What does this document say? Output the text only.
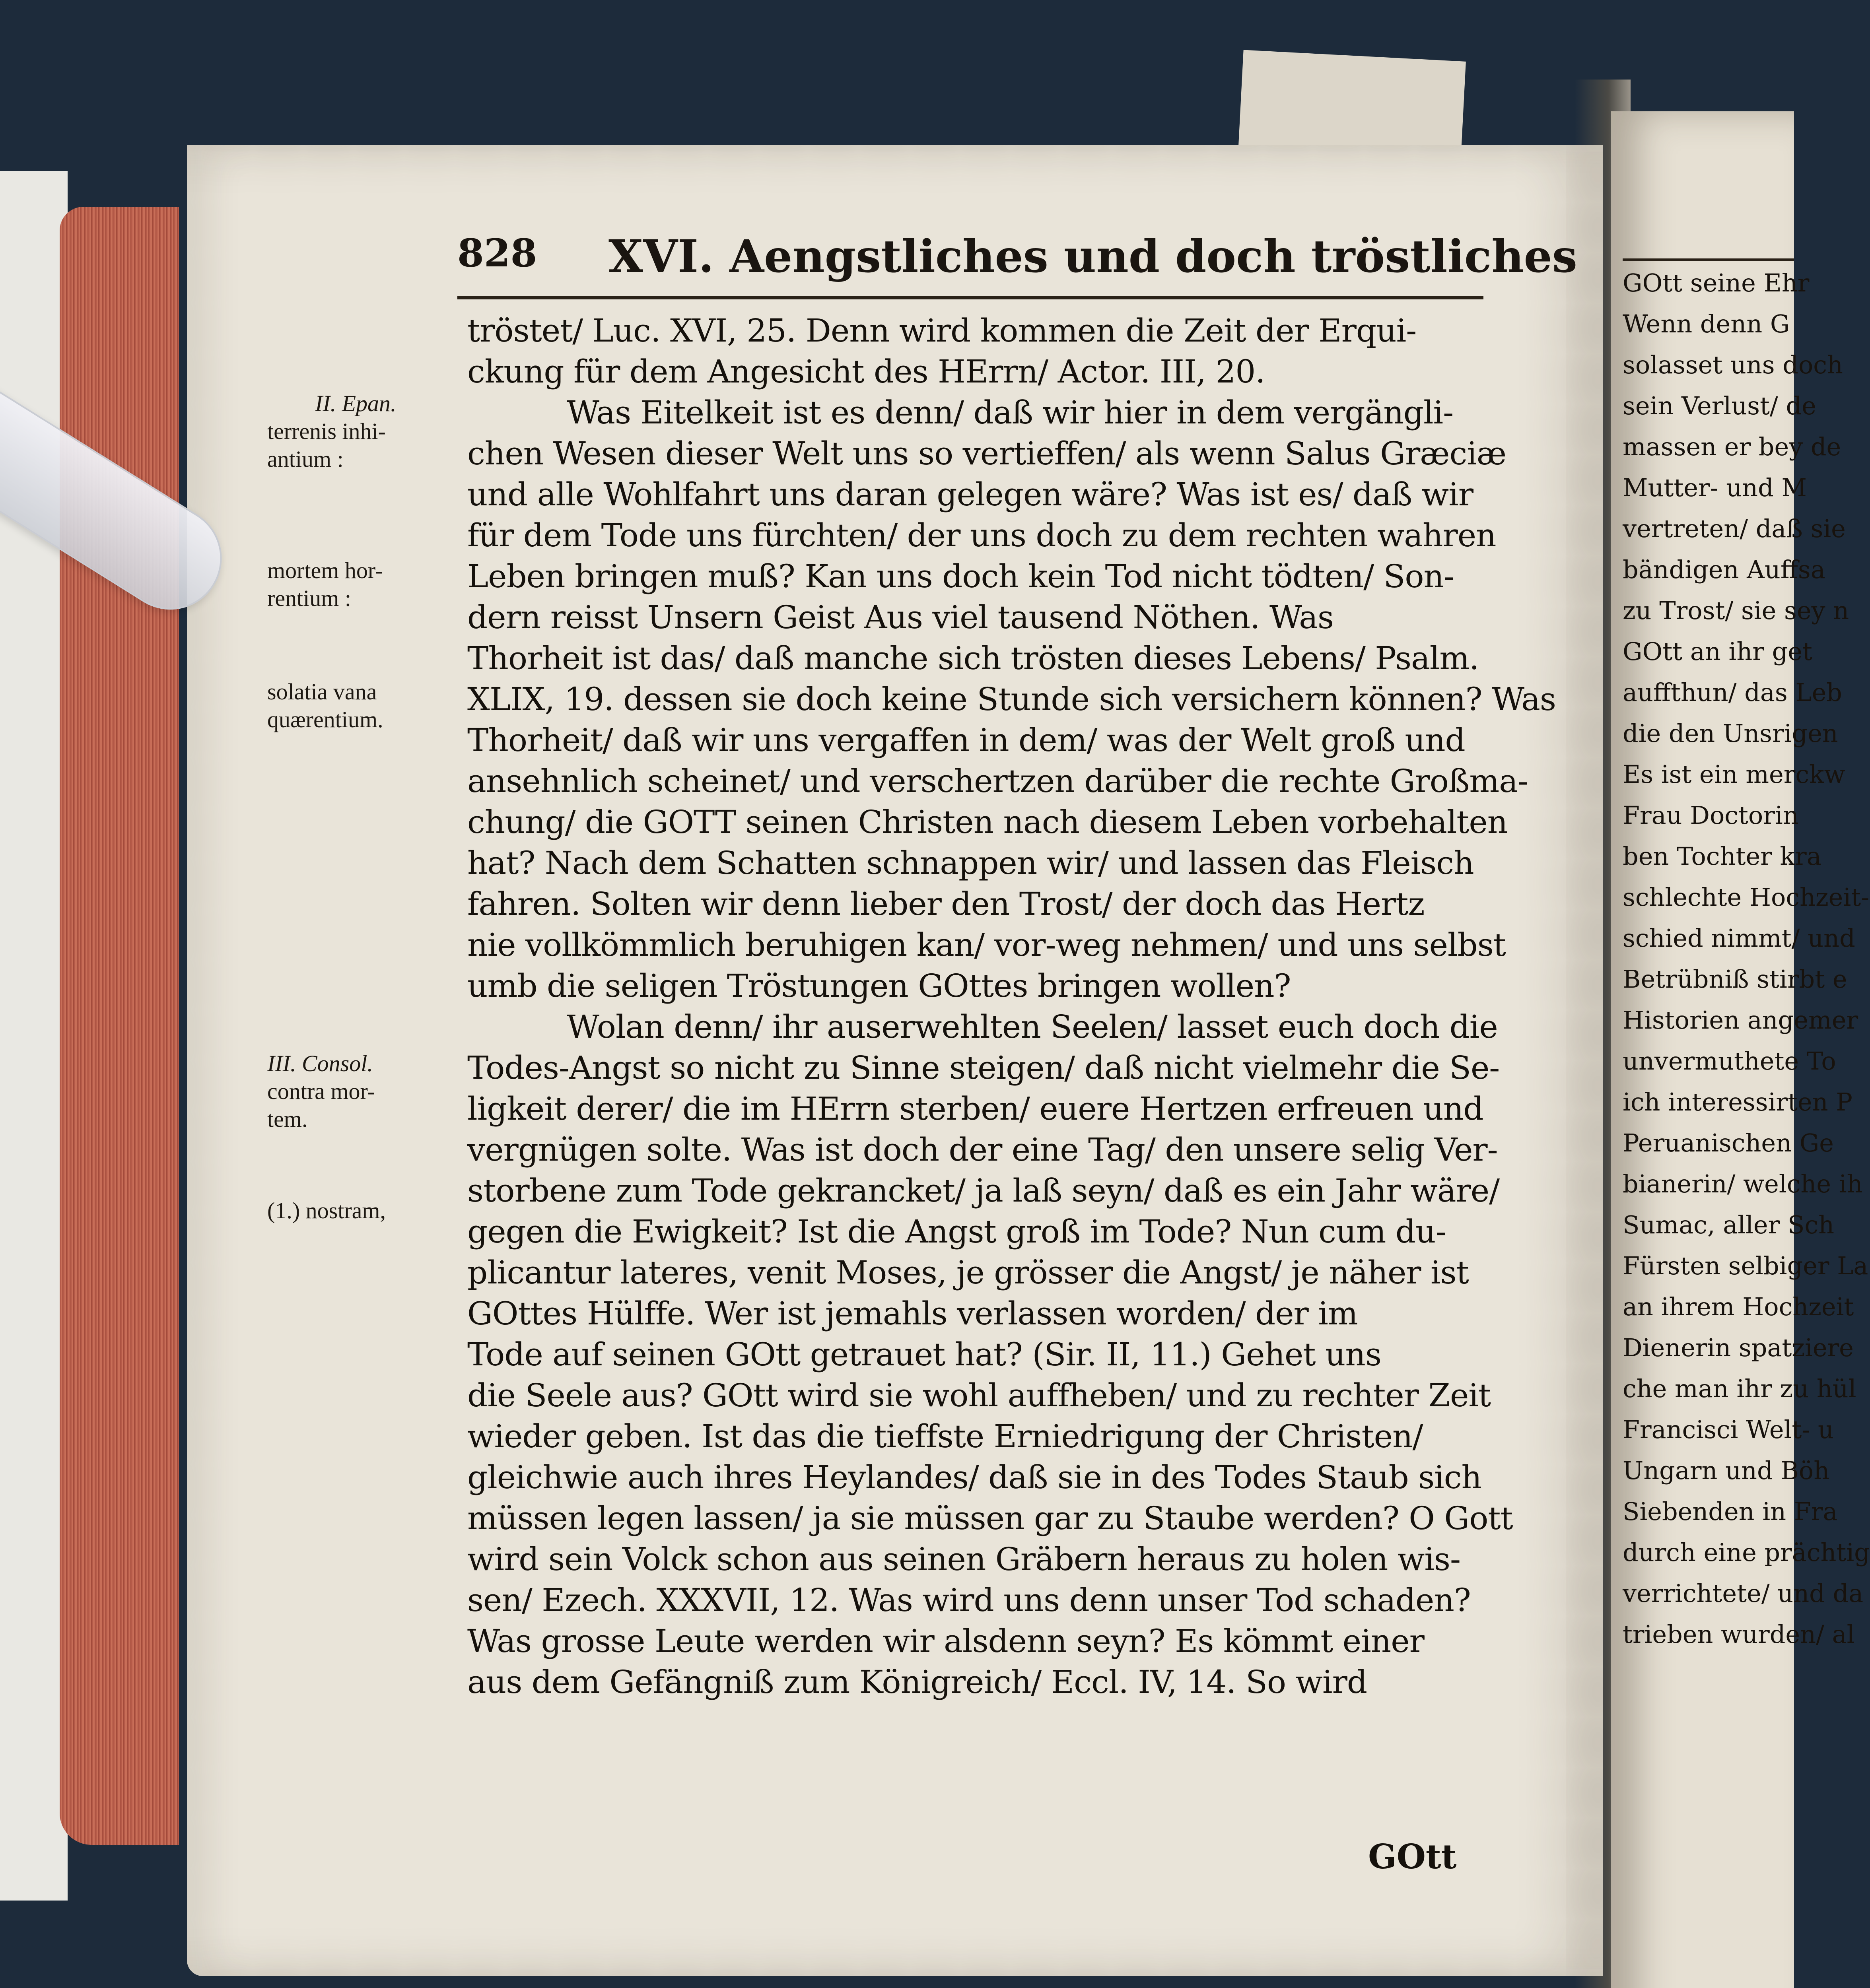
828 XVI. Aengstliches und doch tröstliches
tröstet/ Luc. XVI, 25. Denn wird kommen die Zeit der Erqui-
ckung für dem Angesicht des HErrn/ Actor. III, 20.
Was Eitelkeit ist es denn/ daß wir hier in dem vergängli-
chen Wesen dieser Welt uns so vertieffen/ als wenn Salus Græciæ
und alle Wohlfahrt uns daran gelegen wäre? Was ist es/ daß wir
für dem Tode uns fürchten/ der uns doch zu dem rechten wahren
Leben bringen muß? Kan uns doch kein Tod nicht tödten/ Son-
dern reisst Unsern Geist Aus viel tausend Nöthen. Was
Thorheit ist das/ daß manche sich trösten dieses Lebens/ Psalm.
XLIX, 19. dessen sie doch keine Stunde sich versichern können? Was
Thorheit/ daß wir uns vergaffen in dem/ was der Welt groß und
ansehnlich scheinet/ und verschertzen darüber die rechte Großma-
chung/ die GOTT seinen Christen nach diesem Leben vorbehalten
hat? Nach dem Schatten schnappen wir/ und lassen das Fleisch
fahren. Solten wir denn lieber den Trost/ der doch das Hertz
nie vollkömmlich beruhigen kan/ vor-weg nehmen/ und uns selbst
umb die seligen Tröstungen GOttes bringen wollen?
Wolan denn/ ihr auserwehlten Seelen/ lasset euch doch die
Todes-Angst so nicht zu Sinne steigen/ daß nicht vielmehr die Se-
ligkeit derer/ die im HErrn sterben/ euere Hertzen erfreuen und
vergnügen solte. Was ist doch der eine Tag/ den unsere selig Ver-
storbene zum Tode gekrancket/ ja laß seyn/ daß es ein Jahr wäre/
gegen die Ewigkeit? Ist die Angst groß im Tode? Nun cum du-
plicantur lateres, venit Moses, je grösser die Angst/ je näher ist
GOttes Hülffe. Wer ist jemahls verlassen worden/ der im
Tode auf seinen GOtt getrauet hat? (Sir. II, 11.) Gehet uns
die Seele aus? GOtt wird sie wohl auffheben/ und zu rechter Zeit
wieder geben. Ist das die tieffste Erniedrigung der Christen/
gleichwie auch ihres Heylandes/ daß sie in des Todes Staub sich
müssen legen lassen/ ja sie müssen gar zu Staube werden? O Gott
wird sein Volck schon aus seinen Gräbern heraus zu holen wis-
sen/ Ezech. XXXVII, 12. Was wird uns denn unser Tod schaden?
Was grosse Leute werden wir alsdenn seyn? Es kömmt einer
aus dem Gefängniß zum Königreich/ Eccl. IV, 14. So wird
GOtt
II. Epan.
terrenis inhi-
antium :
mortem hor-
rentium :
solatia vana
quærentium.
III. Consol.
contra mor-
tem.
(1.) nostram,
GOtt seine Ehr
Wenn denn G
solasset uns doch
sein Verlust/ de
massen er bey de
Mutter- und M
vertreten/ daß sie
bändigen Auffsa
zu Trost/ sie sey n
GOtt an ihr get
auffthun/ das Leb
die den Unsrigen
Es ist ein merckw
Frau Doctorin
ben Tochter kra
schlechte Hochzeit-
schied nimmt/ und
Betrübniß stirbt e
Historien angemer
unvermuthete To
ich interessirten P
Peruanischen Ge
bianerin/ welche ih
Sumac, aller Sch
Fürsten selbiger La
an ihrem Hochzeit
Dienerin spatziere
che man ihr zu hül
Francisci Welt- u
Ungarn und Böh
Siebenden in Fra
durch eine prächtig
verrichtete/ und da
trieben wurden/ al
